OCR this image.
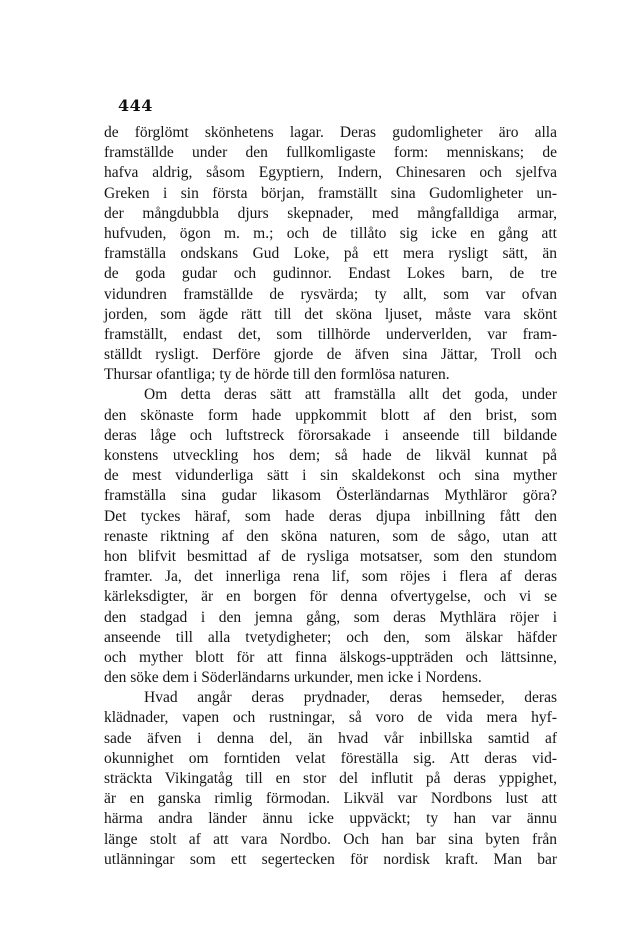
444
de förglömt skönhetens lagar. Deras gudomligheter äro alla
framställde under den fullkomligaste form: menniskans; de
hafva aldrig, såsom Egyptiern, Indern, Chinesaren och sjelfva
Greken i sin första början, framställt sina Gudomligheter un-
der mångdubbla djurs skepnader, med mångfalldiga armar,
hufvuden, ögon m. m.; och de tillåto sig icke en gång att
framställa ondskans Gud Loke, på ett mera rysligt sätt, än
de goda gudar och gudinnor. Endast Lokes barn, de tre
vidundren framställde de rysvärda; ty allt, som var ofvan
jorden, som ägde rätt till det sköna ljuset, måste vara skönt
framställt, endast det, som tillhörde underverlden, var fram-
ställdt rysligt. Derföre gjorde de äfven sina Jättar, Troll och
Thursar ofantliga; ty de hörde till den formlösa naturen.
Om detta deras sätt att framställa allt det goda, under
den skönaste form hade uppkommit blott af den brist, som
deras låge och luftstreck förorsakade i anseende till bildande
konstens utveckling hos dem; så hade de likväl kunnat på
de mest vidunderliga sätt i sin skaldekonst och sina myther
framställa sina gudar likasom Österländarnas Mythläror göra?
Det tyckes häraf, som hade deras djupa inbillning fått den
renaste riktning af den sköna naturen, som de sågo, utan att
hon blifvit besmittad af de rysliga motsatser, som den stundom
framter. Ja, det innerliga rena lif, som röjes i flera af deras
kärleksdigter, är en borgen för denna ofvertygelse, och vi se
den stadgad i den jemna gång, som deras Mythlära röjer i
anseende till alla tvetydigheter; och den, som älskar häfder
och myther blott för att finna älskogs-uppträden och lättsinne,
den söke dem i Söderländarns urkunder, men icke i Nordens.
Hvad angår deras prydnader, deras hemseder, deras
klädnader, vapen och rustningar, så voro de vida mera hyf-
sade äfven i denna del, än hvad vår inbillska samtid af
okunnighet om forntiden velat föreställa sig. Att deras vid-
sträckta Vikingatåg till en stor del influtit på deras yppighet,
är en ganska rimlig förmodan. Likväl var Nordbons lust att
härma andra länder ännu icke uppväckt; ty han var ännu
länge stolt af att vara Nordbo. Och han bar sina byten från
utlänningar som ett segertecken för nordisk kraft. Man bar
